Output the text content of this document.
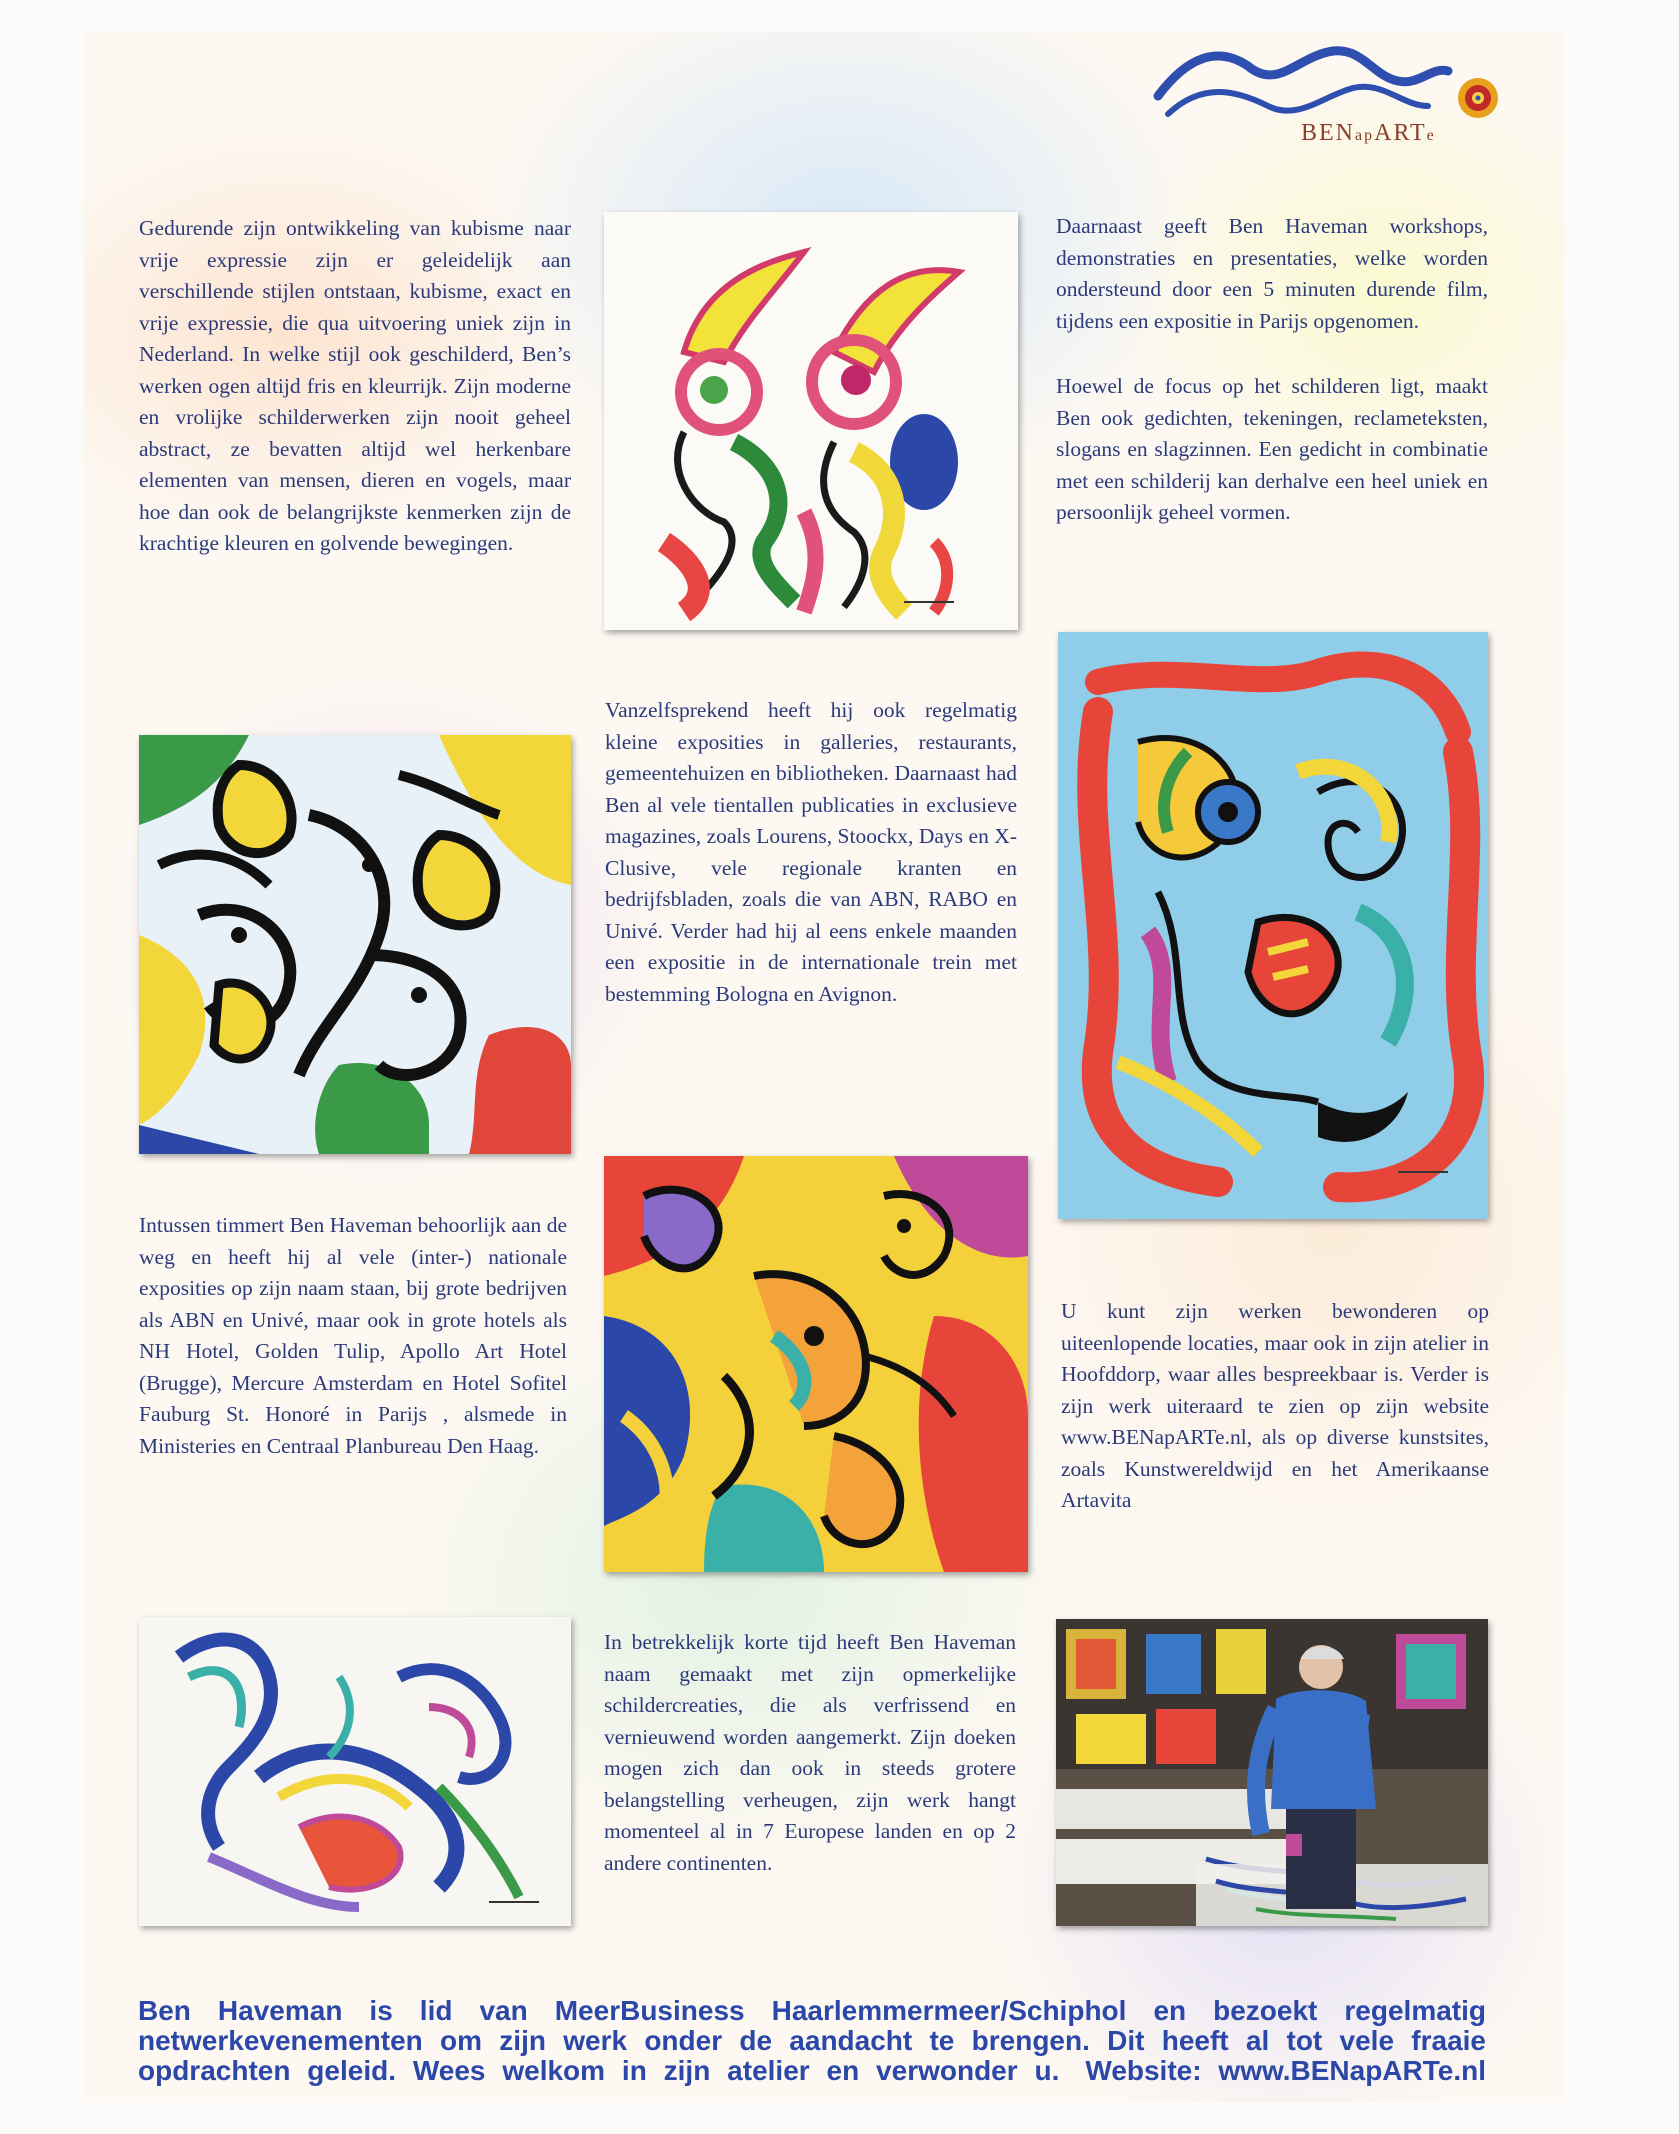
BENapARTe

Gedurende zijn ontwikkeling van kubisme naar vrije expressie zijn er geleidelijk aan verschillende stijlen ontstaan, kubisme, exact en vrije expressie, die qua uitvoering uniek zijn in Nederland. In welke stijl ook geschilderd, Ben’s werken ogen altijd fris en kleurrijk. Zijn moderne en vrolijke schilderwerken zijn nooit geheel abstract, ze bevatten altijd wel herkenbare elementen van mensen, dieren en vogels, maar hoe dan ook de belangrijkste kenmerken zijn de krachtige kleuren en golvende bewegingen.

Daarnaast geeft Ben Haveman workshops, demonstraties en presentaties, welke worden ondersteund door een 5 minuten durende film, tijdens een expositie in Parijs opgenomen.

Hoewel de focus op het schilderen ligt, maakt Ben ook gedichten, tekeningen, reclameteksten, slogans en slagzinnen. Een gedicht in combinatie met een schilderij kan derhalve een heel uniek en persoonlijk geheel vormen.

Vanzelfsprekend heeft hij ook regelmatig kleine exposities in galleries, restaurants, gemeentehuizen en bibliotheken. Daarnaast had Ben al vele tientallen publicaties in exclusieve magazines, zoals Lourens, Stoockx, Days en X-Clusive, vele regionale kranten en bedrijfsbladen, zoals die van ABN, RABO en Univé. Verder had hij al eens enkele maanden een expositie in de internationale trein met bestemming Bologna en Avignon.

Intussen timmert Ben Haveman behoorlijk aan de weg en heeft hij al vele (inter-) nationale exposities op zijn naam staan, bij grote bedrijven als ABN en Univé, maar ook in grote hotels als NH Hotel, Golden Tulip, Apollo Art Hotel (Brugge), Mercure Amsterdam en Hotel Sofitel Fauburg St. Honoré in Parijs , alsmede in Ministeries en Centraal Planbureau Den Haag.

U kunt zijn werken bewonderen op uiteenlopende locaties, maar ook in zijn atelier in Hoofddorp, waar alles bespreekbaar is. Verder is zijn werk uiteraard te zien op zijn website www.BENapARTe.nl, als op diverse kunstsites, zoals Kunstwereldwijd en het Amerikaanse Artavita

In betrekkelijk korte tijd heeft Ben Haveman naam gemaakt met zijn opmerkelijke schildercreaties, die als verfrissend en vernieuwend worden aangemerkt. Zijn doeken mogen zich dan ook in steeds grotere belangstelling verheugen, zijn werk hangt momenteel al in 7 Europese landen en op 2 andere continenten.

Ben Haveman is lid van MeerBusiness Haarlemmermeer/Schiphol en bezoekt regelmatig
netwerkevenementen om zijn werk onder de aandacht te brengen. Dit heeft al tot vele fraaie
opdrachten geleid. Wees welkom in zijn atelier en verwonder u. Website: www.BENapARTe.nl
